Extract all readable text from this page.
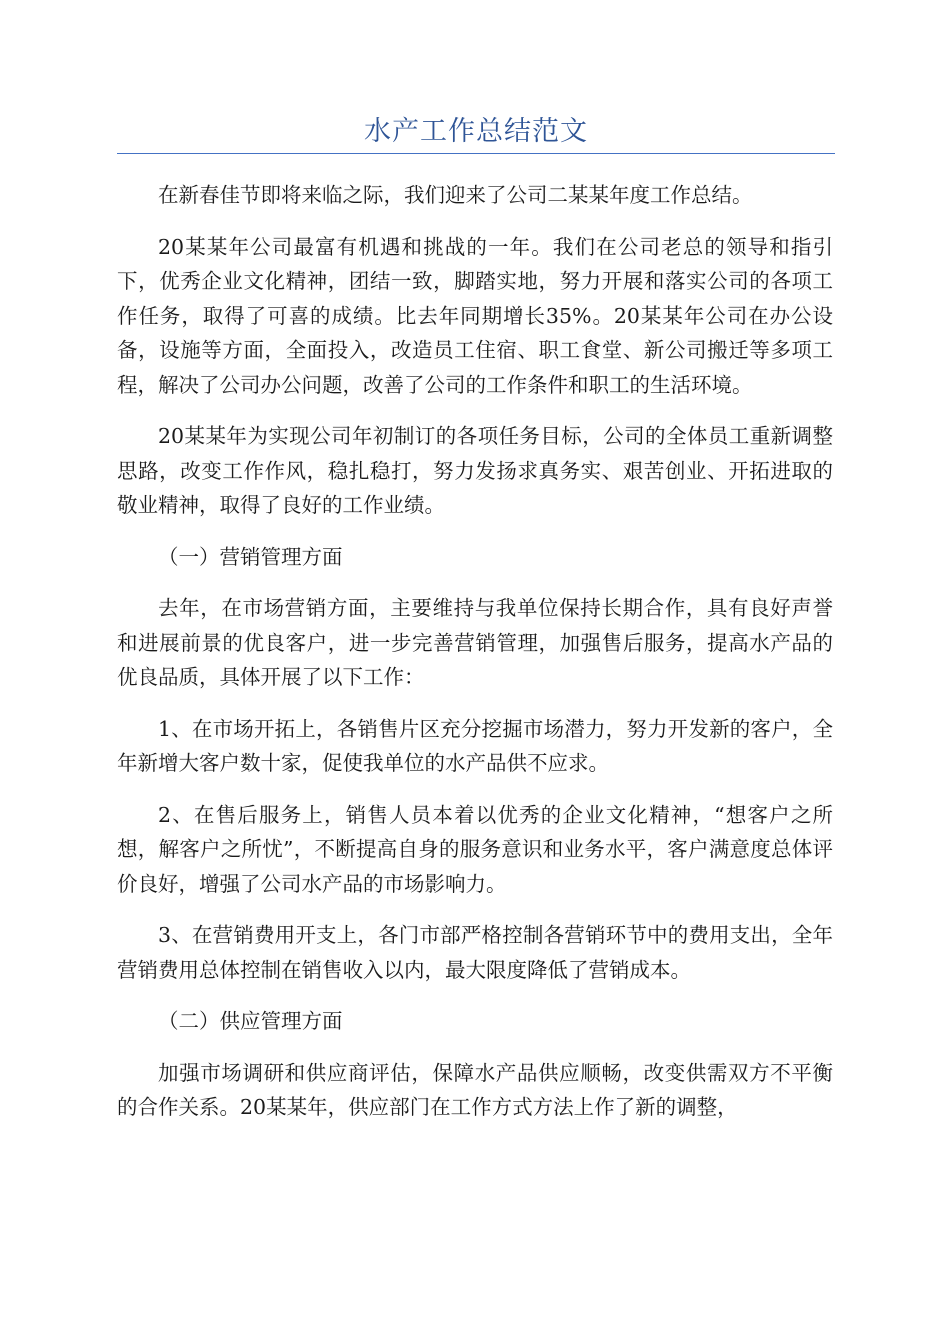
水产工作总结范文

在新春佳节即将来临之际，我们迎来了公司二某某年度工作总结。

20某某年公司最富有机遇和挑战的一年。我们在公司老总的领导和指引下，优秀企业文化精神，团结一致，脚踏实地，努力开展和落实公司的各项工作任务，取得了可喜的成绩。比去年同期增长35%。20某某年公司在办公设备，设施等方面，全面投入，改造员工住宿、职工食堂、新公司搬迁等多项工程，解决了公司办公问题，改善了公司的工作条件和职工的生活环境。

20某某年为实现公司年初制订的各项任务目标，公司的全体员工重新调整思路，改变工作作风，稳扎稳打，努力发扬求真务实、艰苦创业、开拓进取的敬业精神，取得了良好的工作业绩。

（一）营销管理方面

去年，在市场营销方面，主要维持与我单位保持长期合作，具有良好声誉和进展前景的优良客户，进一步完善营销管理，加强售后服务，提高水产品的优良品质，具体开展了以下工作：

1、在市场开拓上，各销售片区充分挖掘市场潜力，努力开发新的客户，全年新增大客户数十家，促使我单位的水产品供不应求。

2、在售后服务上，销售人员本着以优秀的企业文化精神，“想客户之所想，解客户之所忧”，不断提高自身的服务意识和业务水平，客户满意度总体评价良好，增强了公司水产品的市场影响力。

3、在营销费用开支上，各门市部严格控制各营销环节中的费用支出，全年营销费用总体控制在销售收入以内，最大限度降低了营销成本。

（二）供应管理方面

加强市场调研和供应商评估，保障水产品供应顺畅，改变供需双方不平衡的合作关系。20某某年，供应部门在工作方式方法上作了新的调整，
